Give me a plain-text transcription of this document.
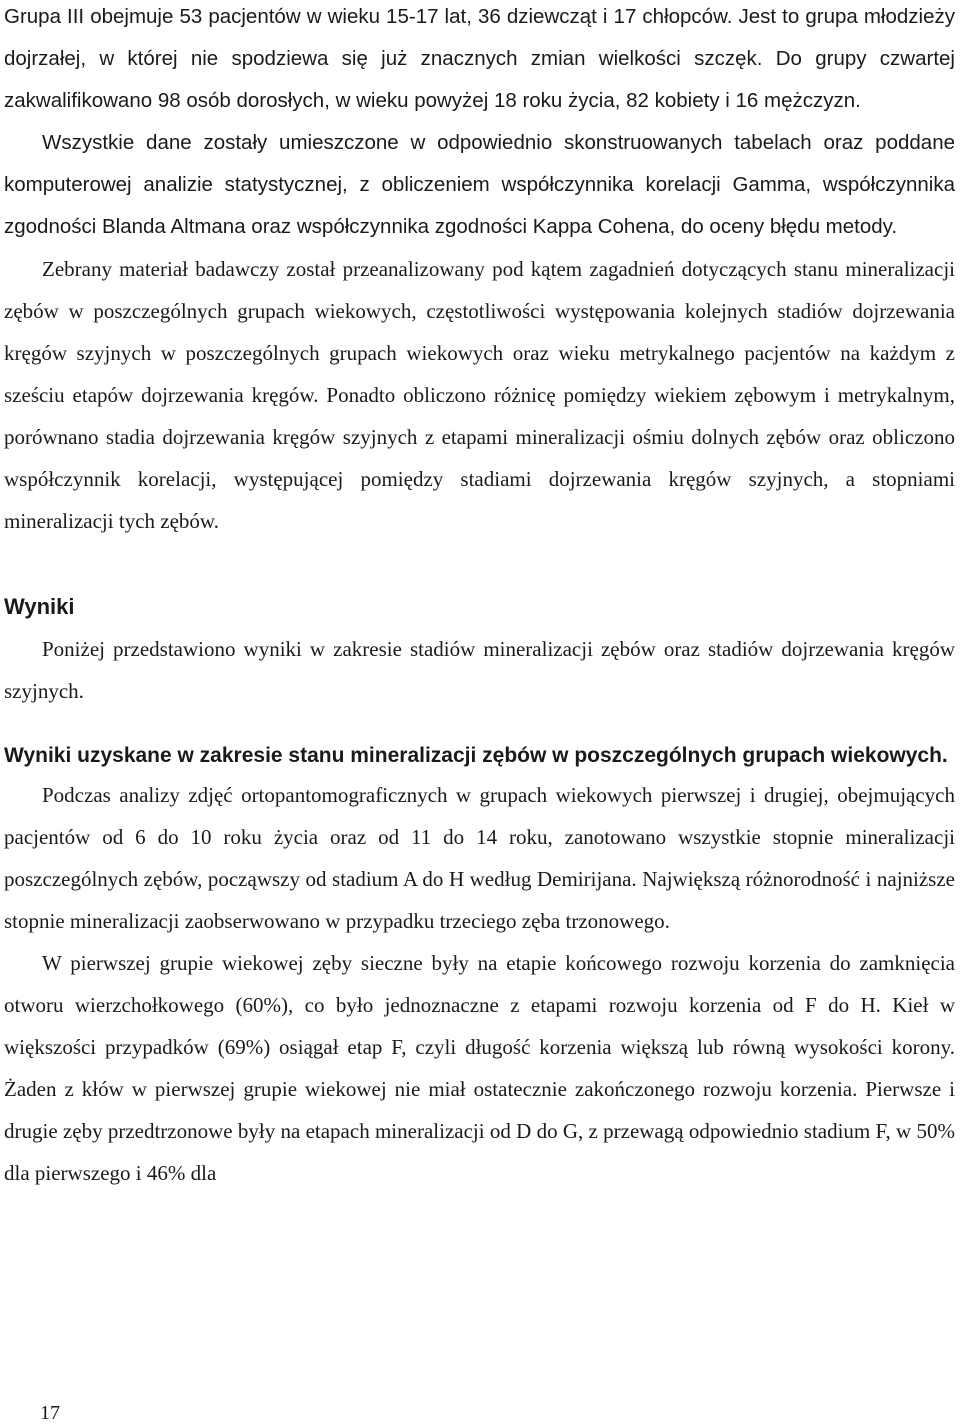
Grupa III obejmuje 53 pacjentów w wieku 15-17 lat, 36 dziewcząt i 17 chłopców. Jest to grupa młodzieży dojrzałej, w której nie spodziewa się już znacznych zmian wielkości szczęk. Do grupy czwartej zakwalifikowano 98 osób dorosłych, w wieku powyżej 18 roku życia, 82 kobiety i 16 mężczyzn.

Wszystkie dane zostały umieszczone w odpowiednio skonstruowanych tabelach oraz poddane komputerowej analizie statystycznej, z obliczeniem współczynnika korelacji Gamma, współczynnika zgodności Blanda Altmana oraz współczynnika zgodności Kappa Cohena, do oceny błędu metody.

Zebrany materiał badawczy został przeanalizowany pod kątem zagadnień dotyczących stanu mineralizacji zębów w poszczególnych grupach wiekowych, częstotliwości występowania kolejnych stadiów dojrzewania kręgów szyjnych w poszczególnych grupach wiekowych oraz wieku metrykalnego pacjentów na każdym z sześciu etapów dojrzewania kręgów. Ponadto obliczono różnicę pomiędzy wiekiem zębowym i metrykalnym, porównano stadia dojrzewania kręgów szyjnych z etapami mineralizacji ośmiu dolnych zębów oraz obliczono współczynnik korelacji, występującej pomiędzy stadiami dojrzewania kręgów szyjnych, a stopniami mineralizacji tych zębów.

Wyniki

Poniżej przedstawiono wyniki w zakresie stadiów mineralizacji zębów oraz stadiów dojrzewania kręgów szyjnych.

Wyniki uzyskane w zakresie stanu mineralizacji zębów w poszczególnych grupach wiekowych.

Podczas analizy zdjęć ortopantomograficznych w grupach wiekowych pierwszej i drugiej, obejmujących pacjentów od 6 do 10 roku życia oraz od 11 do 14 roku, zanotowano wszystkie stopnie mineralizacji poszczególnych zębów, począwszy od stadium A do H według Demirijana. Największą różnorodność i najniższe stopnie mineralizacji zaobserwowano w przypadku trzeciego zęba trzonowego.

W pierwszej grupie wiekowej zęby sieczne były na etapie końcowego rozwoju korzenia do zamknięcia otworu wierzchołkowego (60%), co było jednoznaczne z etapami rozwoju korzenia od F do H. Kieł w większości przypadków (69%) osiągał etap F, czyli długość korzenia większą lub równą wysokości korony. Żaden z kłów w pierwszej grupie wiekowej nie miał ostatecznie zakończonego rozwoju korzenia. Pierwsze i drugie zęby przedtrzonowe były na etapach mineralizacji od D do G, z przewagą odpowiednio stadium F, w 50% dla pierwszego i 46% dla

17
